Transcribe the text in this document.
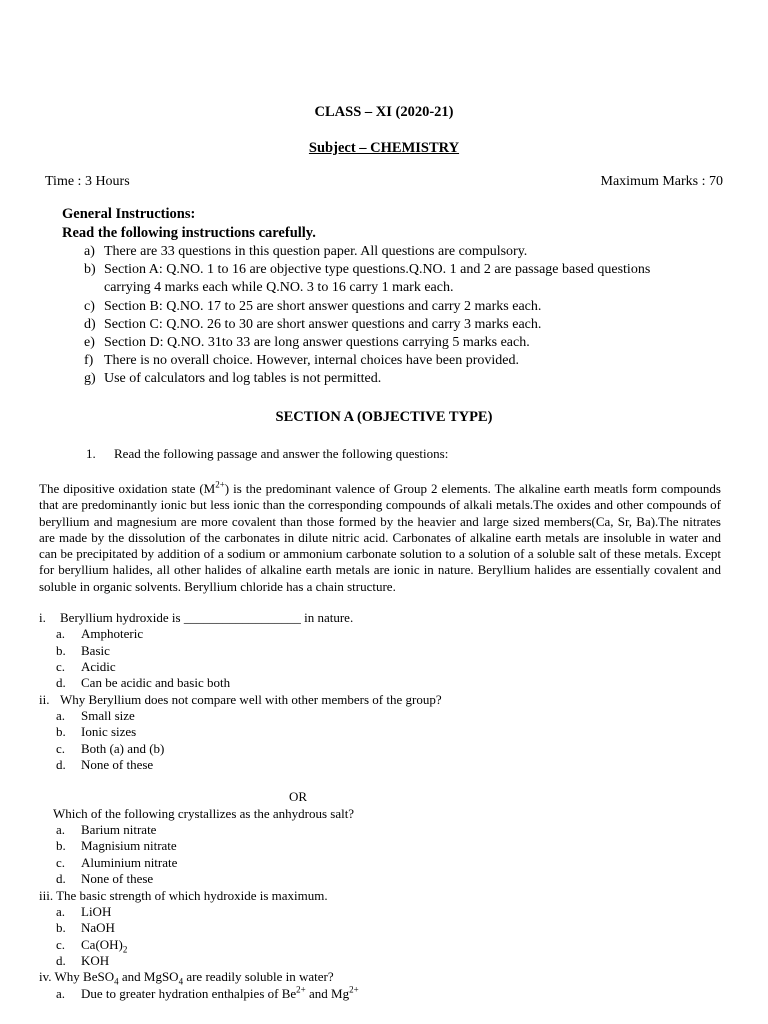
CLASS – XI (2020-21)
Subject – CHEMISTRY
Time : 3 Hours	Maximum Marks : 70
General Instructions:
Read the following instructions carefully.
a) There are 33 questions in this question paper. All questions are compulsory.
b) Section A: Q.NO. 1 to 16 are objective type questions.Q.NO. 1 and 2 are passage based questions
carrying 4 marks each while Q.NO. 3 to 16 carry 1 mark each.
c) Section B: Q.NO. 17 to 25 are short answer questions and carry 2 marks each.
d) Section C: Q.NO. 26 to 30 are short answer questions and carry 3 marks each.
e) Section D: Q.NO. 31to 33 are long answer questions carrying 5 marks each.
f) There is no overall choice. However, internal choices have been provided.
g) Use of calculators and log tables is not permitted.
SECTION A (OBJECTIVE TYPE)
1. Read the following passage and answer the following questions:
The dipositive oxidation state $(M^{2+})$ is the predominant valence of Group 2 elements. The alkaline earth meatls form compounds that are predominantly ionic but less ionic than the corresponding compounds of alkali metals.The oxides and other compounds of beryllium and magnesium are more covalent than those formed by the heavier and large sized members(Ca, Sr, Ba).The nitrates are made by the dissolution of the carbonates in dilute nitric acid. Carbonates of alkaline earth metals are insoluble in water and can be precipitated by addition of a sodium or ammonium carbonate solution to a solution of a soluble salt of these metals. Except for beryllium halides, all other halides of alkaline earth metals are ionic in nature. Beryllium halides are essentially covalent and soluble in organic solvents. Beryllium chloride has a chain structure.
i.	Beryllium hydroxide is __________________ in nature.
a.	Amphoteric
b.	Basic
c.	Acidic
d.	Can be acidic and basic both
ii. Why Beryllium does not compare well with other members of the group?
a.	Small size
b.	Ionic sizes
c.	Both (a) and (b)
d.	None of these
OR
Which of the following crystallizes as the anhydrous salt?
a.	Barium nitrate
b.	Magnisium nitrate
c.	Aluminium nitrate
d.	None of these
iii. The basic strength of which hydroxide is maximum.
a.	LiOH
b.	NaOH
c.	$Ca(OH)_2$
d.	KOH
iv. Why BeSO$_4$ and MgSO$_4$ are readily soluble in water?
a.	Due to greater hydration enthalpies of $Be^{2+}$ and $Mg^{2+}$
